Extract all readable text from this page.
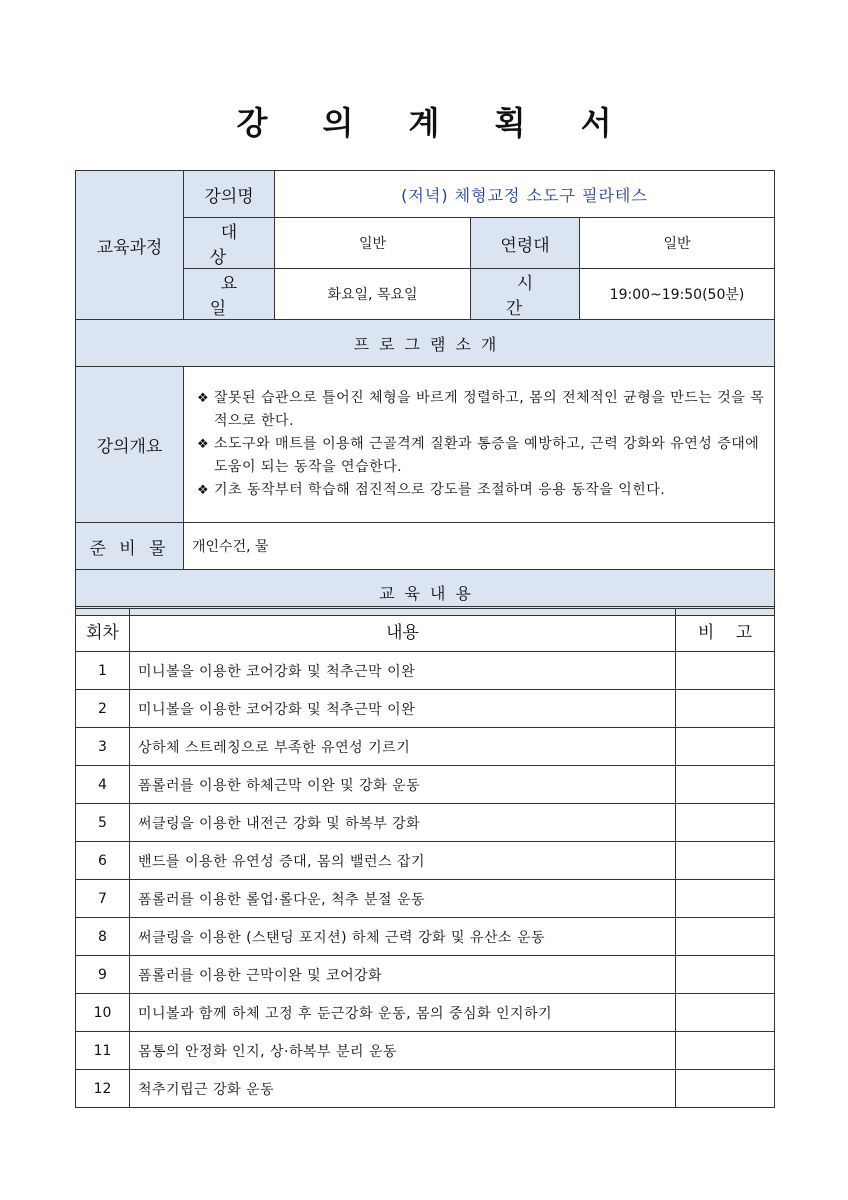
강 의 계 획 서
교육과정	강의명	(저녁) 체형교정 소도구 필라테스		
	대 상	일반	연령대	일반
	요 일	화요일, 목요일	시 간	19:00~19:50(50분)
프로그램소개				
강의개요	❖ 잘못된 습관으로 틀어진 체형을 바르게 정렬하고, 몸의 전체적인 균형을 만드는 것을 목적으로 한다.
❖ 소도구와 매트를 이용해 근골격계 질환과 통증을 예방하고, 근력 강화와 유연성 증대에 도움이 되는 동작을 연습한다.
❖ 기초 동작부터 학습해 점진적으로 강도를 조절하며 응용 동작을 익힌다.			

준 비 물	개인수건, 물			
교육내용				
회차	내용	비 고
1	미니볼을 이용한 코어강화 및 척추근막 이완	
2	미니볼을 이용한 코어강화 및 척추근막 이완	
3	상하체 스트레칭으로 부족한 유연성 기르기	
4	폼롤러를 이용한 하체근막 이완 및 강화 운동	
5	써클링을 이용한 내전근 강화 및 하복부 강화	
6	밴드를 이용한 유연성 증대, 몸의 밸런스 잡기	
7	폼롤러를 이용한 롤업·롤다운, 척추 분절 운동	
8	써클링을 이용한 (스탠딩 포지션) 하체 근력 강화 및 유산소 운동	
9	폼롤러를 이용한 근막이완 및 코어강화	
10	미니볼과 함께 하체 고정 후 둔근강화 운동, 몸의 중심화 인지하기	
11	몸통의 안정화 인지, 상·하복부 분리 운동	
12	척추기립근 강화 운동	
